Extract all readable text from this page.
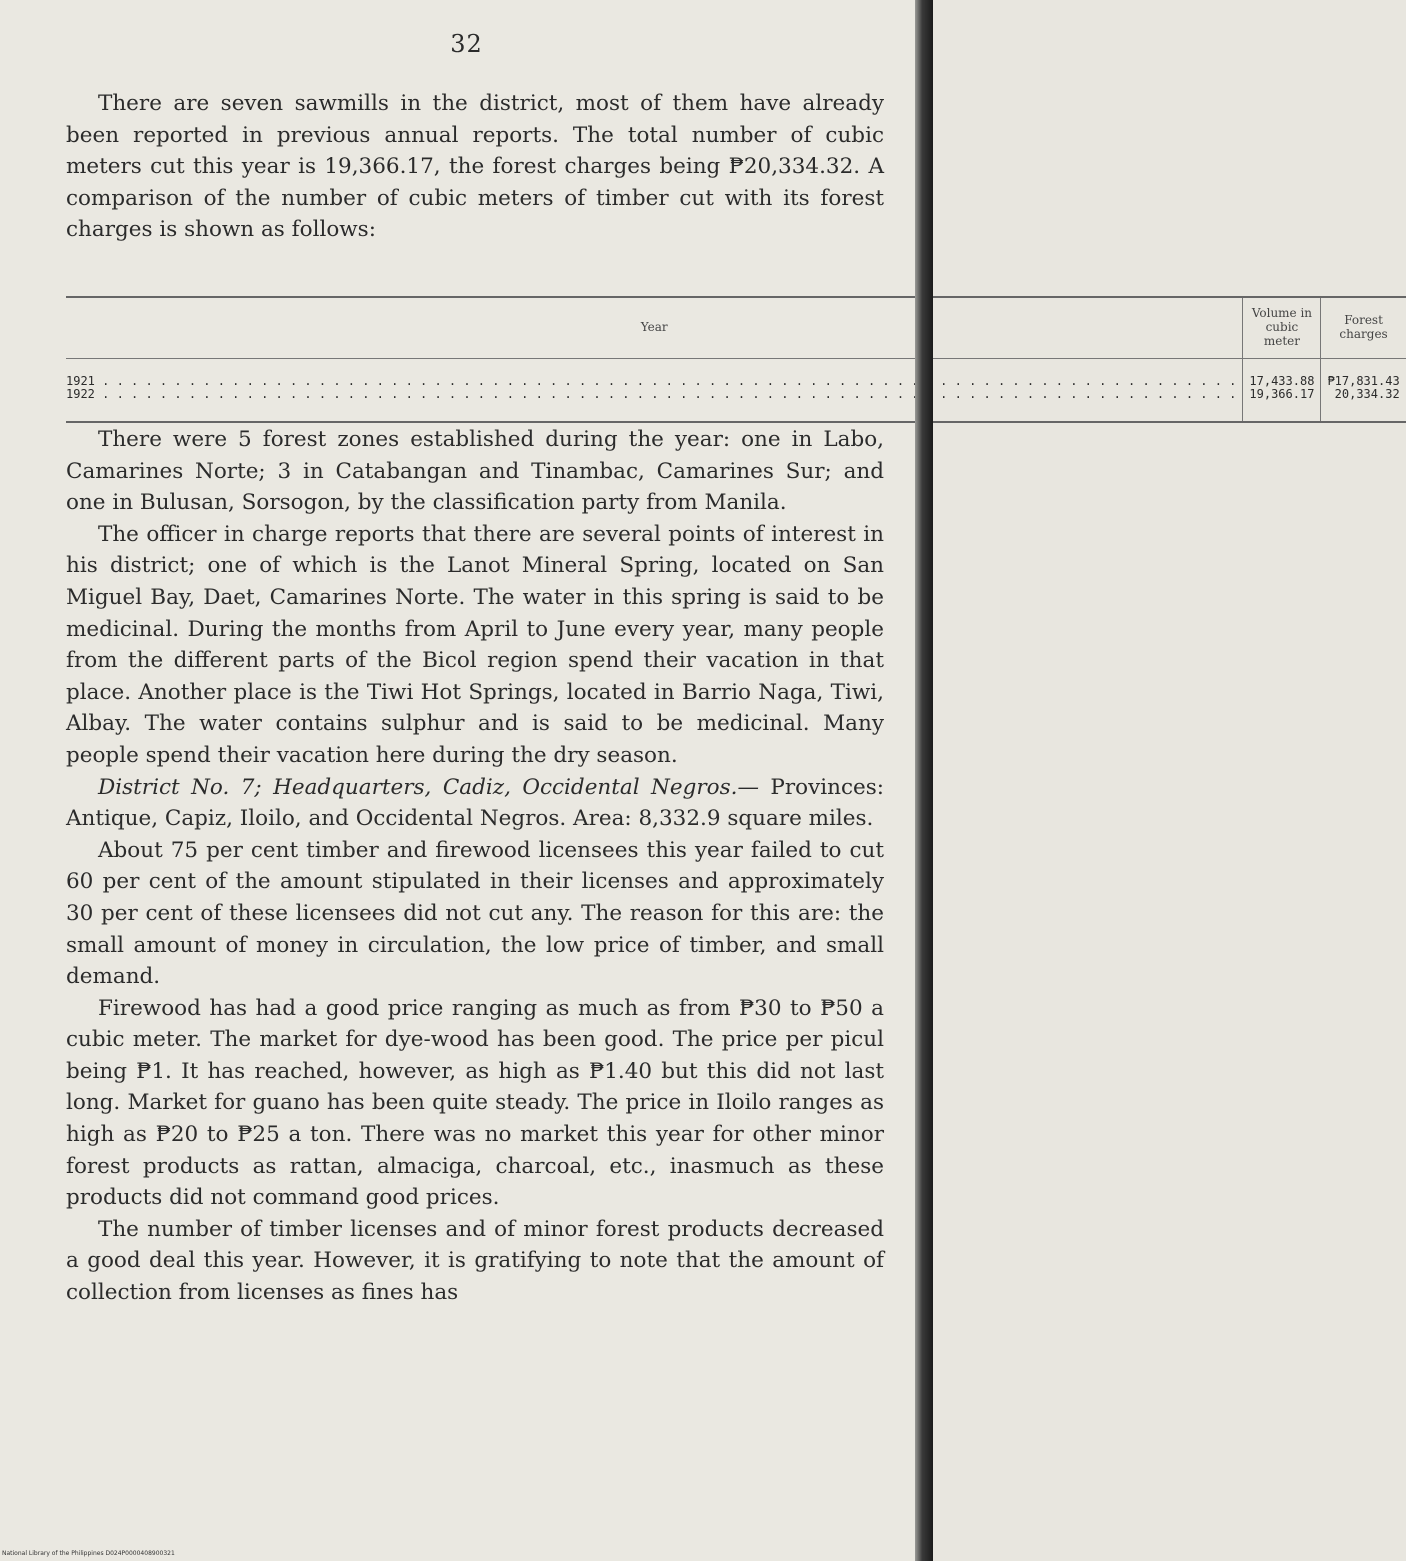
32

There are seven sawmills in the district, most of them have already been reported in previous annual reports. The total number of cubic meters cut this year is 19,366.17, the forest charges being ₱20,334.32. A comparison of the number of cubic meters of timber cut with its forest charges is shown as follows:

Year	Volume in cubic meter	Forest charges
1921 . . .	17,433.88	₱17,831.43
1922 . . .	19,366.17	20,334.32

There were 5 forest zones established during the year: one in Labo, Camarines Norte; 3 in Catabangan and Tinambac, Camarines Sur; and one in Bulusan, Sorsogon, by the classification party from Manila.

The officer in charge reports that there are several points of interest in his district; one of which is the Lanot Mineral Spring, located on San Miguel Bay, Daet, Camarines Norte. The water in this spring is said to be medicinal. During the months from April to June every year, many people from the different parts of the Bicol region spend their vacation in that place. Another place is the Tiwi Hot Springs, located in Barrio Naga, Tiwi, Albay. The water contains sulphur and is said to be medicinal. Many people spend their vacation here during the dry season.

District No. 7; Headquarters, Cadiz, Occidental Negros.— Provinces: Antique, Capiz, Iloilo, and Occidental Negros. Area: 8,332.9 square miles.

About 75 per cent timber and firewood licensees this year failed to cut 60 per cent of the amount stipulated in their licenses and approximately 30 per cent of these licensees did not cut any. The reason for this are: the small amount of money in circulation, the low price of timber, and small demand.

Firewood has had a good price ranging as much as from ₱30 to ₱50 a cubic meter. The market for dye-wood has been good. The price per picul being ₱1. It has reached, however, as high as ₱1.40 but this did not last long. Market for guano has been quite steady. The price in Iloilo ranges as high as ₱20 to ₱25 a ton. There was no market this year for other minor forest products as rattan, almaciga, charcoal, etc., inasmuch as these products did not command good prices.

The number of timber licenses and of minor forest products decreased a good deal this year. However, it is gratifying to note that the amount of collection from licenses as fines has

National Library of the Philippines D024P0000408900321
